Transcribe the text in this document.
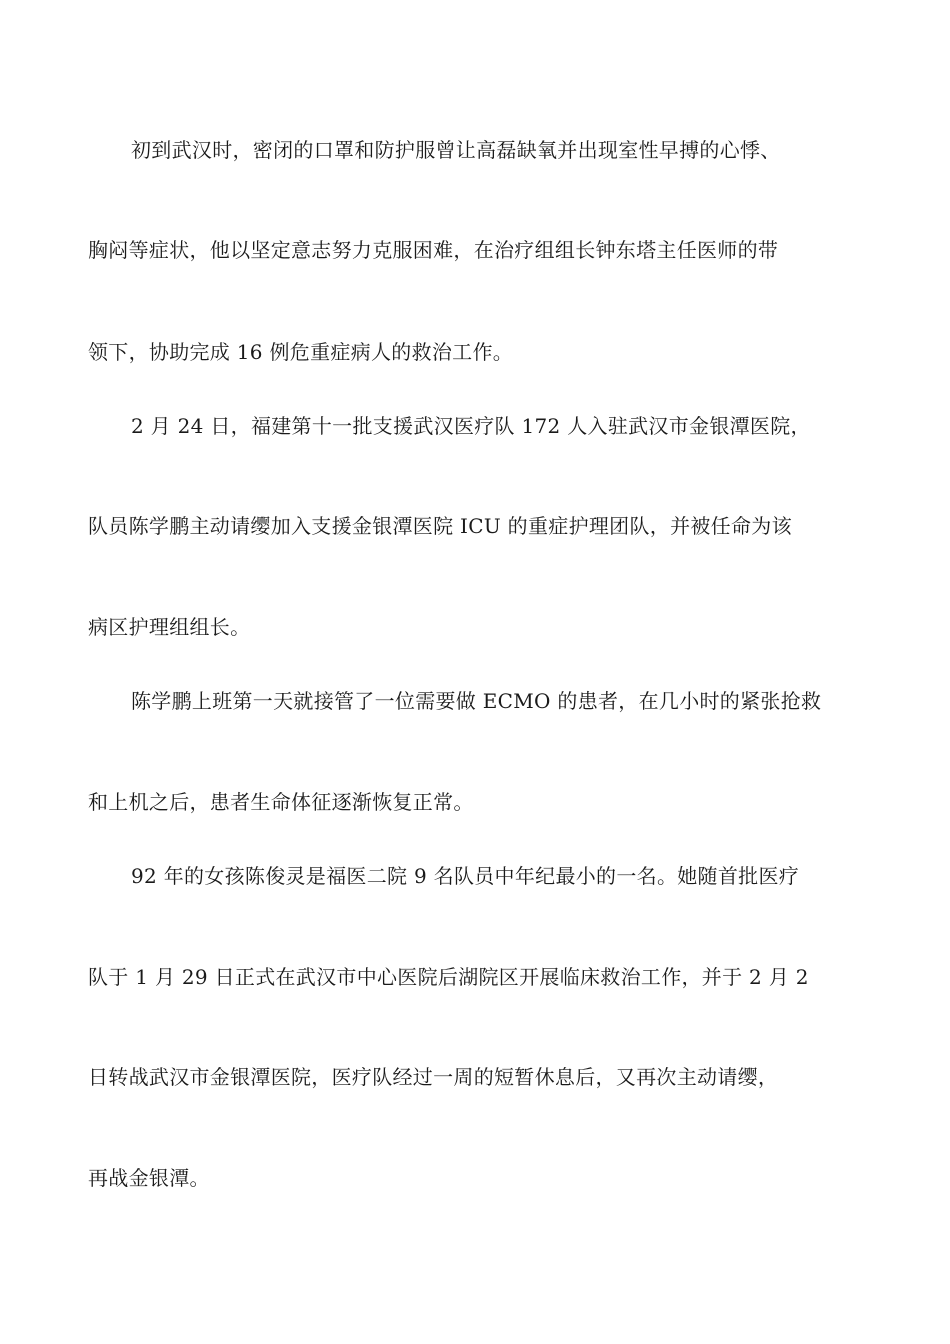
初到武汉时，密闭的口罩和防护服曾让高磊缺氧并出现室性早搏的心悸、
胸闷等症状，他以坚定意志努力克服困难，在治疗组组长钟东塔主任医师的带
领下，协助完成 16 例危重症病人的救治工作。
2 月 24 日，福建第十一批支援武汉医疗队 172 人入驻武汉市金银潭医院，
队员陈学鹏主动请缨加入支援金银潭医院 ICU 的重症护理团队，并被任命为该
病区护理组组长。
陈学鹏上班第一天就接管了一位需要做 ECMO 的患者，在几小时的紧张抢救
和上机之后，患者生命体征逐渐恢复正常。
92 年的女孩陈俊灵是福医二院 9 名队员中年纪最小的一名。她随首批医疗
队于 1 月 29 日正式在武汉市中心医院后湖院区开展临床救治工作，并于 2 月 2
日转战武汉市金银潭医院，医疗队经过一周的短暂休息后，又再次主动请缨，
再战金银潭。
